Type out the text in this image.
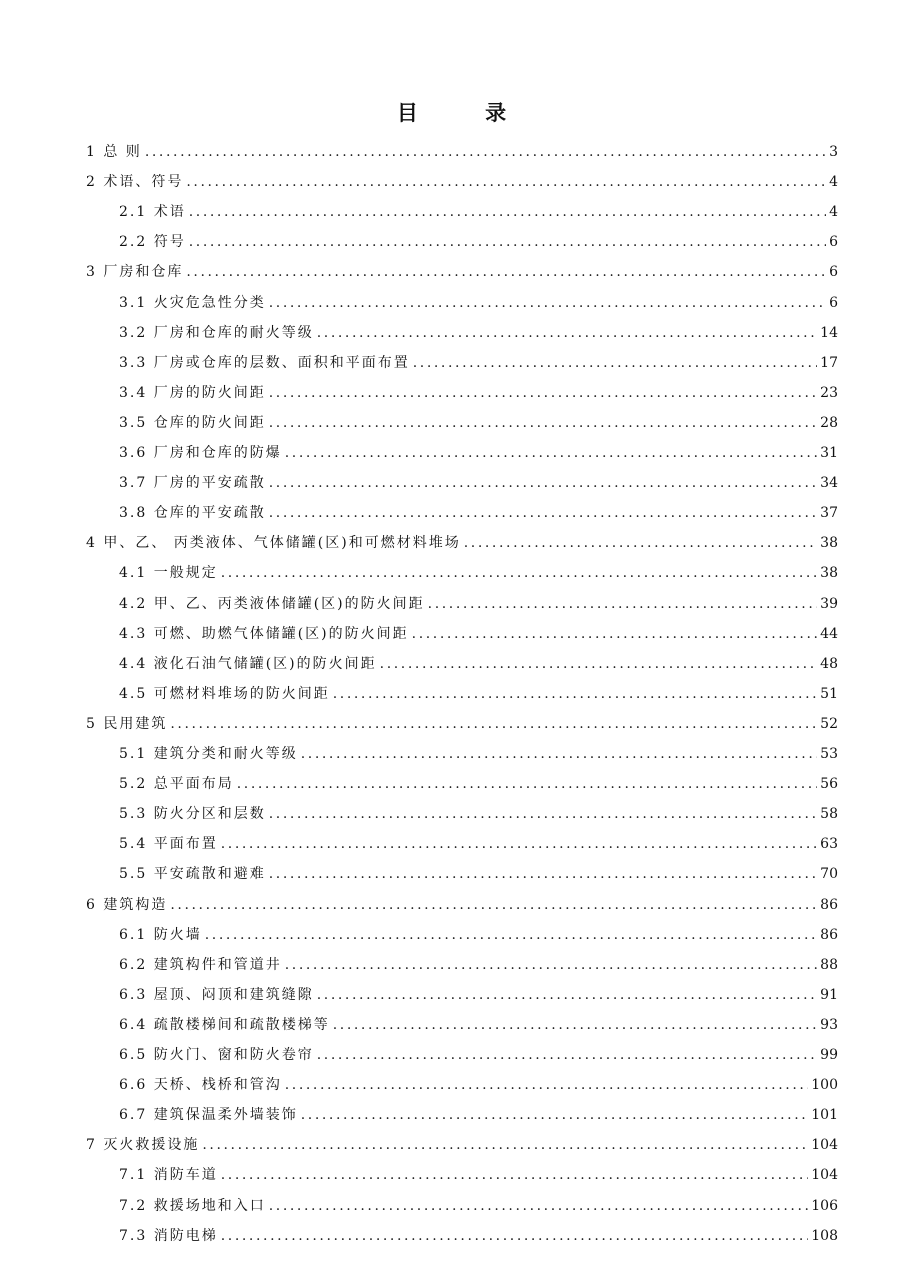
目 录
1 总 则 .....	3
2 术语、符号 .....	4
2.1 术语 .....	4
2.2 符号 .....	6
3 厂房和仓库 .....	6
3.1 火灾危急性分类 .....	6
3.2 厂房和仓库的耐火等级 .....	14
3.3 厂房或仓库的层数、面积和平面布置 .....	17
3.4 厂房的防火间距 .....	23
3.5 仓库的防火间距 .....	28
3.6 厂房和仓库的防爆 .....	31
3.7 厂房的平安疏散 .....	34
3.8 仓库的平安疏散 .....	37
4 甲、乙、 丙类液体、气体储罐(区)和可燃材料堆场 .....	38
4.1 一般规定 .....	38
4.2 甲、乙、丙类液体储罐(区)的防火间距 .....	39
4.3 可燃、助燃气体储罐(区)的防火间距 .....	44
4.4 液化石油气储罐(区)的防火间距 .....	48
4.5 可燃材料堆场的防火间距 .....	51
5 民用建筑 .....	52
5.1 建筑分类和耐火等级 .....	53
5.2 总平面布局 .....	56
5.3 防火分区和层数 .....	58
5.4 平面布置 .....	63
5.5 平安疏散和避难 .....	70
6 建筑构造 .....	86
6.1 防火墙 .....	86
6.2 建筑构件和管道井 .....	88
6.3 屋顶、闷顶和建筑缝隙 .....	91
6.4 疏散楼梯间和疏散楼梯等 .....	93
6.5 防火门、窗和防火卷帘 .....	99
6.6 天桥、栈桥和管沟 .....	100
6.7 建筑保温柔外墙装饰 .....	101
7 灭火救援设施 .....	104
7.1 消防车道 .....	104
7.2 救援场地和入口 .....	106
7.3 消防电梯 .....	108
